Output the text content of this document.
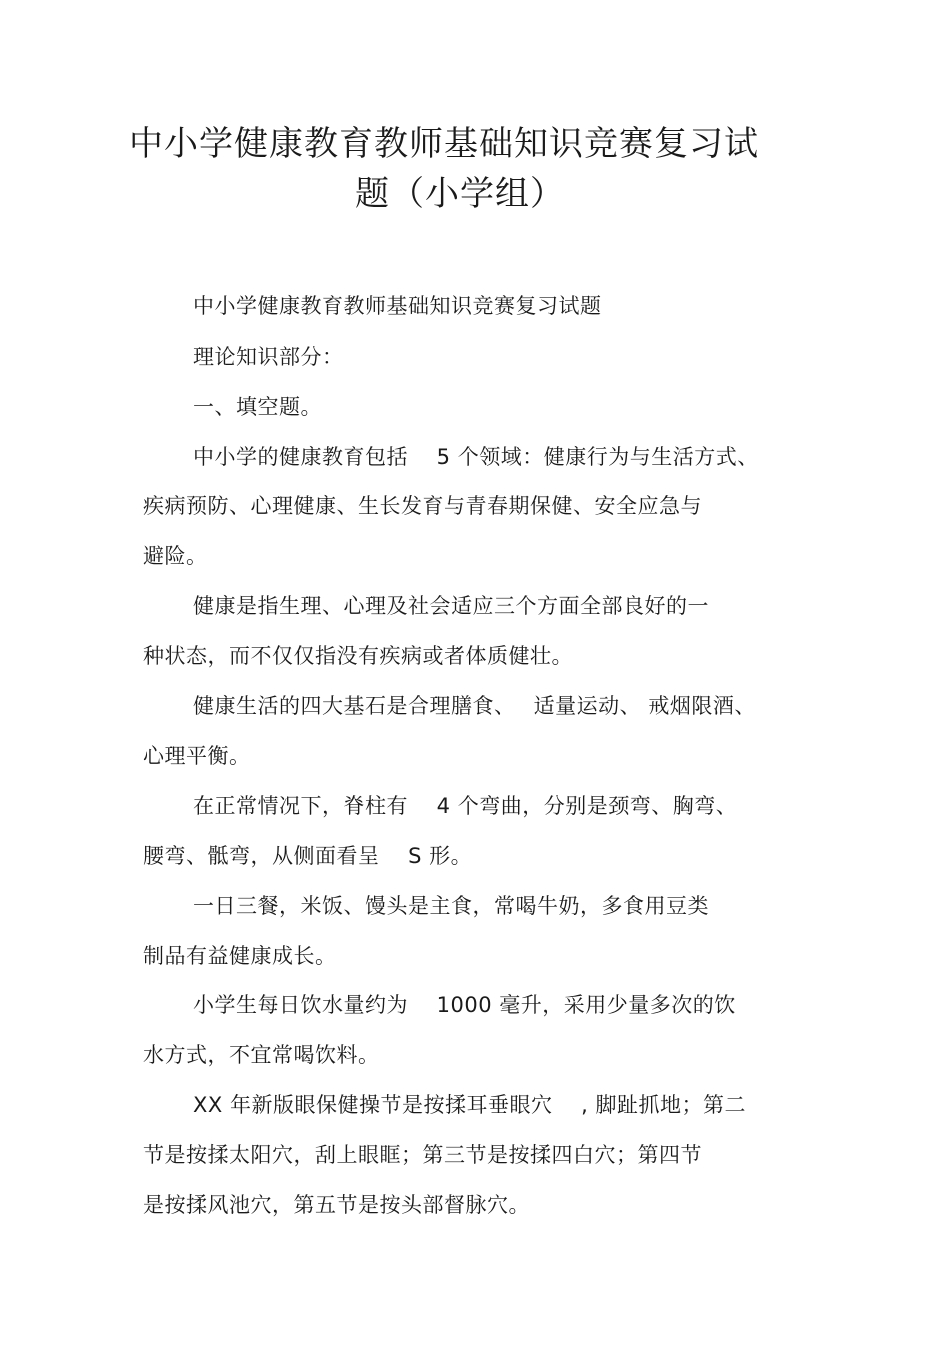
中小学健康教育教师基础知识竞赛复习试
题（小学组）
中小学健康教育教师基础知识竞赛复习试题
理论知识部分：
一、填空题。
中小学的健康教育包括　 5 个领域：健康行为与生活方式、
疾病预防、心理健康、生长发育与青春期保健、安全应急与
避险。
健康是指生理、心理及社会适应三个方面全部良好的一
种状态，而不仅仅指没有疾病或者体质健壮。
健康生活的四大基石是合理膳食、　 适量运动、 戒烟限酒、
心理平衡。
在正常情况下，脊柱有　 4 个弯曲，分别是颈弯、胸弯、
腰弯、骶弯，从侧面看呈　 S 形。
一日三餐，米饭、馒头是主食，常喝牛奶，多食用豆类
制品有益健康成长。
小学生每日饮水量约为　 1000 毫升，采用少量多次的饮
水方式，不宜常喝饮料。
XX 年新版眼保健操节是按揉耳垂眼穴　 , 脚趾抓地；第二
节是按揉太阳穴，刮上眼眶；第三节是按揉四白穴；第四节
是按揉风池穴，第五节是按头部督脉穴。
